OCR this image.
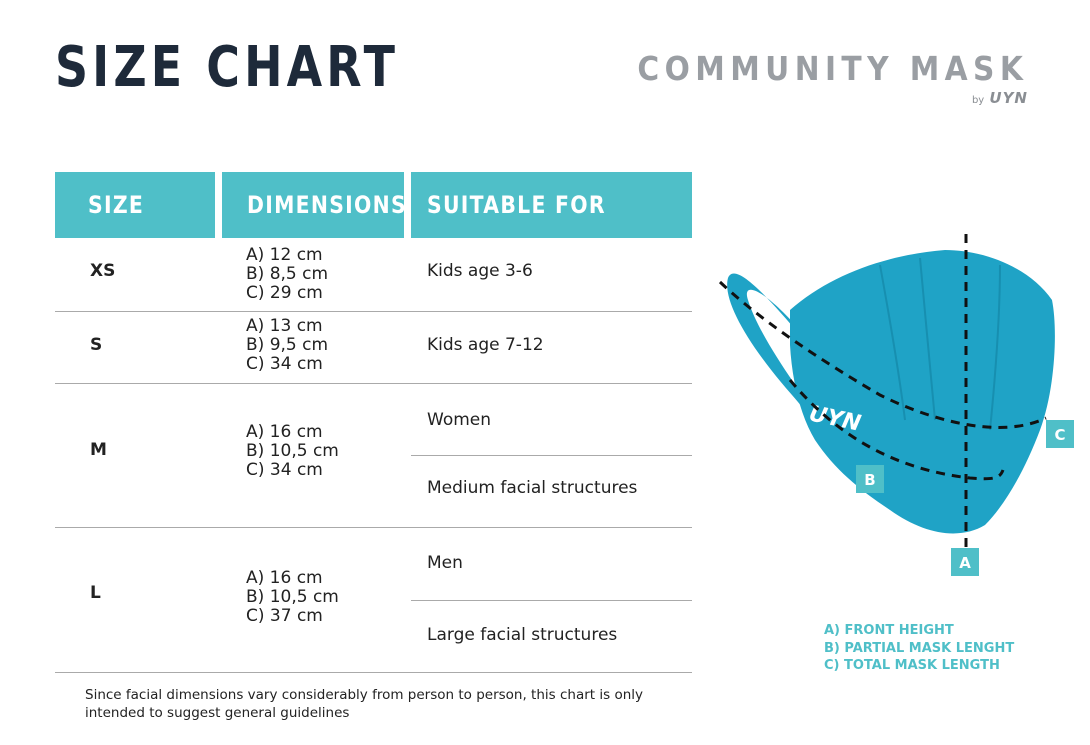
SIZE CHART	COMMUNITY MASK
by UYN
SIZE	DIMENSIONS SUITABLE FOR
XS
A) 12 cm
B) 8,5 cm
C) 29 cm
Kids age 3-6
S
A) 13 cm
B) 9,5 cm
C) 34 cm
Kids age 7-12
M
A) 16 cm
B) 10,5 cm
C) 34 cm
Women
Medium facial structures
L
A) 16 cm
B) 10,5 cm
C) 37 cm
Men
Large facial structures
Since facial dimensions vary considerably from person to person, this chart is only intended to suggest general guidelines
UYN
A
B
C
A) FRONT HEIGHT
B) PARTIAL MASK LENGHT
C) TOTAL MASK LENGTH
